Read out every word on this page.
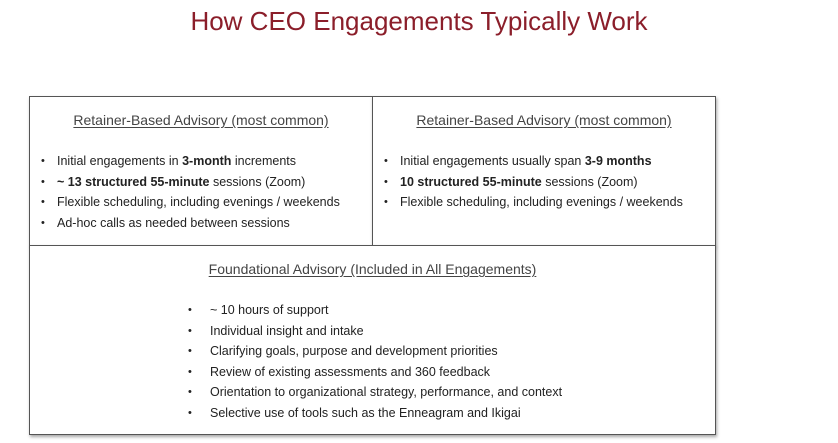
How CEO Engagements Typically Work
Retainer-Based Advisory (most common)
• Initial engagements in 3-month increments
• ~ 13 structured 55-minute sessions (Zoom)
• Flexible scheduling, including evenings / weekends
• Ad-hoc calls as needed between sessions
Retainer-Based Advisory (most common)
• Initial engagements usually span 3-9 months
• 10 structured 55-minute sessions (Zoom)
• Flexible scheduling, including evenings / weekends
Foundational Advisory (Included in All Engagements)
• ~ 10 hours of support
• Individual insight and intake
• Clarifying goals, purpose and development priorities
• Review of existing assessments and 360 feedback
• Orientation to organizational strategy, performance, and context
• Selective use of tools such as the Enneagram and Ikigai
